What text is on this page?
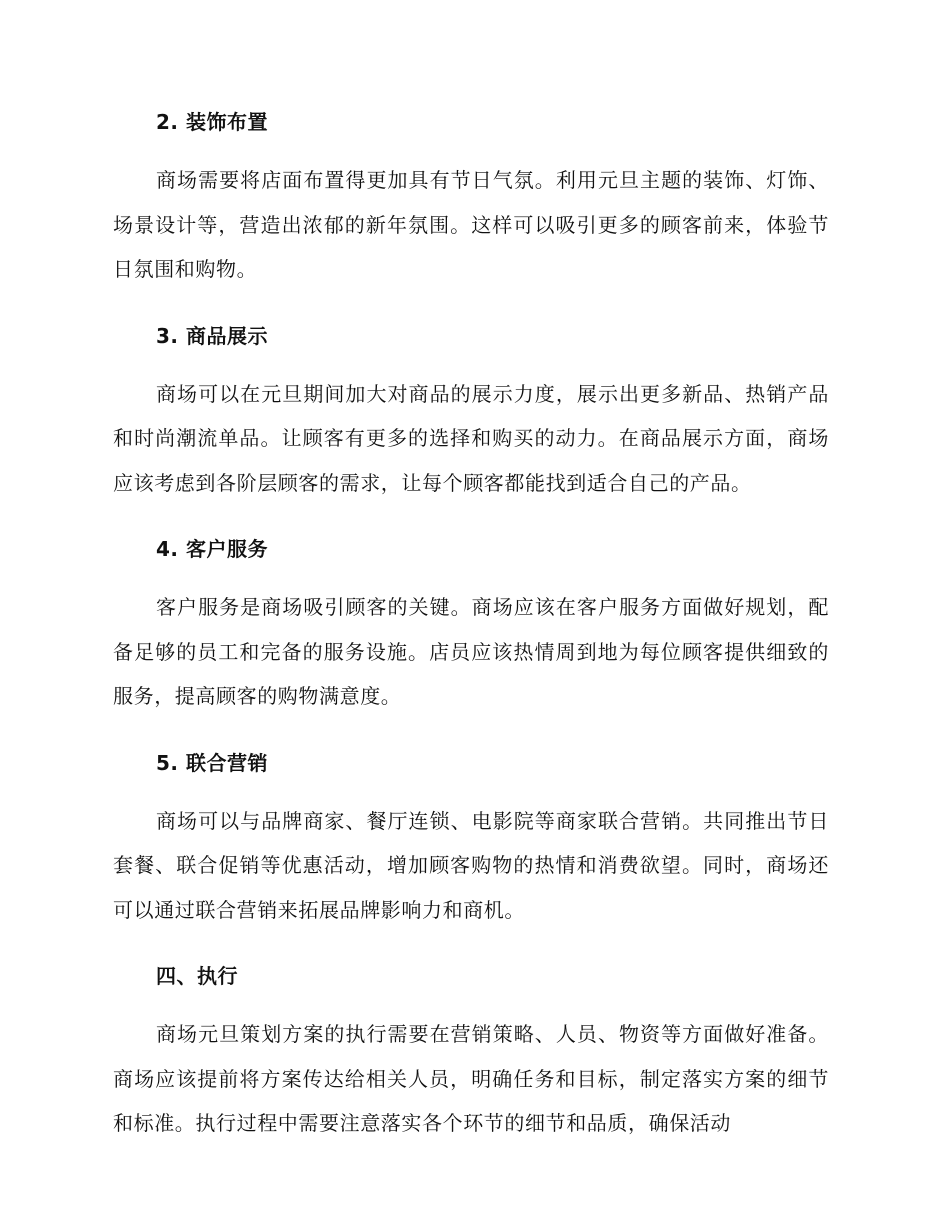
2. 装饰布置

商场需要将店面布置得更加具有节日气氛。利用元旦主题的装饰、灯饰、场景设计等，营造出浓郁的新年氛围。这样可以吸引更多的顾客前来，体验节日氛围和购物。

3. 商品展示

商场可以在元旦期间加大对商品的展示力度，展示出更多新品、热销产品和时尚潮流单品。让顾客有更多的选择和购买的动力。在商品展示方面，商场应该考虑到各阶层顾客的需求，让每个顾客都能找到适合自己的产品。

4. 客户服务

客户服务是商场吸引顾客的关键。商场应该在客户服务方面做好规划，配备足够的员工和完备的服务设施。店员应该热情周到地为每位顾客提供细致的服务，提高顾客的购物满意度。

5. 联合营销

商场可以与品牌商家、餐厅连锁、电影院等商家联合营销。共同推出节日套餐、联合促销等优惠活动，增加顾客购物的热情和消费欲望。同时，商场还可以通过联合营销来拓展品牌影响力和商机。

四、执行

商场元旦策划方案的执行需要在营销策略、人员、物资等方面做好准备。商场应该提前将方案传达给相关人员，明确任务和目标，制定落实方案的细节和标准。执行过程中需要注意落实各个环节的细节和品质，确保活动
